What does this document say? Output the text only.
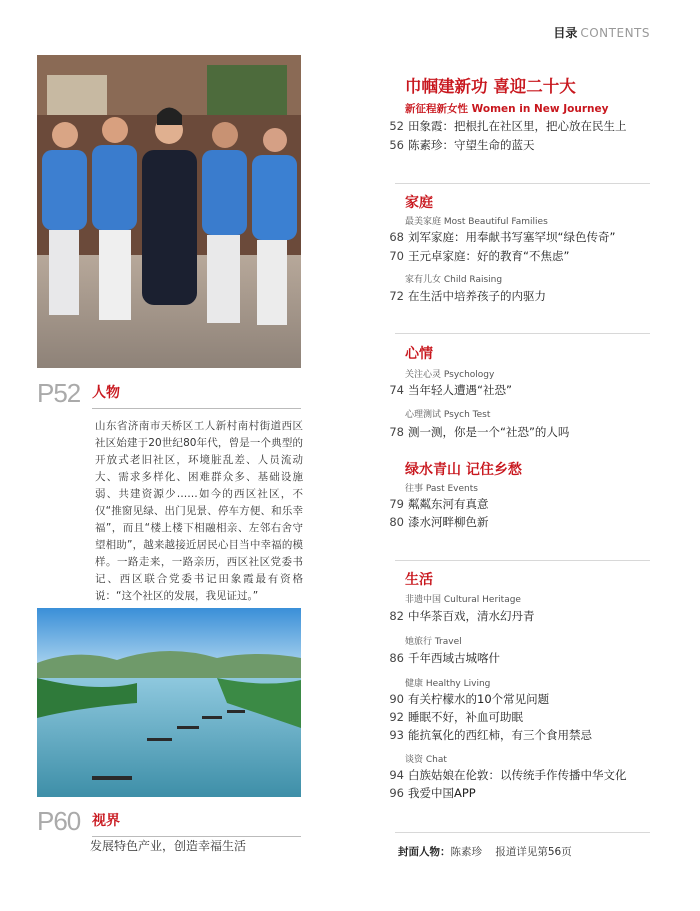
目录 CONTENTS
P52 人物

山东省济南市天桥区工人新村南村街道西区社区始建于20世纪80年代，曾是一个典型的开放式老旧社区，环境脏乱差、人员流动大、需求多样化、困难群众多、基础设施弱、共建资源少……如今的西区社区，不仅“推窗见绿、出门见景、停车方便、和乐幸福”，而且“楼上楼下相融相亲、左邻右舍守望相助”，越来越接近居民心目当中幸福的模样。一路走来，一路亲历，西区社区党委书记、西区联合党委书记田象霞最有资格说：“这个社区的发展，我见证过。”

P60 视界

发展特色产业，创造幸福生活

巾帼建新功 喜迎二十大
新征程新女性 Women in New Journey
52 田象霞：把根扎在社区里，把心放在民生上
56 陈素珍：守望生命的蓝天
家庭
最美家庭 Most Beautiful Families
68 刘军家庭：用奉献书写塞罕坝“绿色传奇”
70 王元卓家庭：好的教育“不焦虑”
家有儿女 Child Raising
72 在生活中培养孩子的内驱力
心情
关注心灵 Psychology
74 当年轻人遭遇“社恐”
心理测试 Psych Test
78 测一测，你是一个“社恐”的人吗
绿水青山 记住乡愁
往事 Past Events
79 粼粼东河有真意
80 漆水河畔柳色新
生活
非遗中国 Cultural Heritage
82 中华茶百戏，清水幻丹青
她旅行 Travel
86 千年西域古城喀什
健康 Healthy Living
90 有关柠檬水的10个常见问题
92 睡眠不好，补血可助眠
93 能抗氧化的西红柿，有三个食用禁忌
谈资 Chat
94 白族姑娘在伦敦：以传统手作传播中华文化
96 我爱中国APP
封面人物：陈素珍 报道详见第56页
